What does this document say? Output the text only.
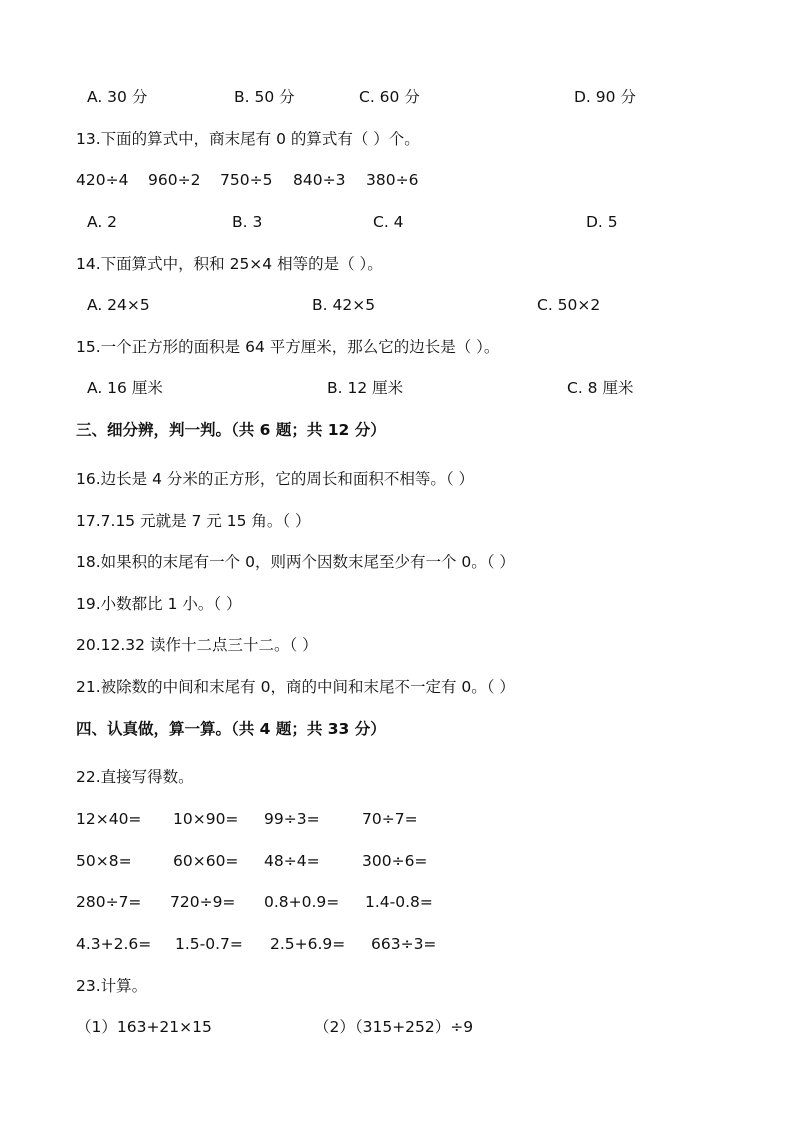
A. 30 分	B. 50 分	C. 60 分	D. 90 分
13.下面的算式中，商末尾有 0 的算式有（ ）个。
420÷4 960÷2 750÷5 840÷3 380÷6
A. 2	B. 3	C. 4	D. 5
14.下面算式中，积和 25×4 相等的是（ ）。
A. 24×5	B. 42×5	C. 50×2
15.一个正方形的面积是 64 平方厘米，那么它的边长是（ ）。
A. 16 厘米	B. 12 厘米	C. 8 厘米
三、细分辨，判一判。（共 6 题；共 12 分）
16.边长是 4 分米的正方形，它的周长和面积不相等。（ ）
17.7.15 元就是 7 元 15 角。（ ）
18.如果积的末尾有一个 0，则两个因数末尾至少有一个 0。（ ）
19.小数都比 1 小。（ ）
20.12.32 读作十二点三十二。（ ）
21.被除数的中间和末尾有 0，商的中间和末尾不一定有 0。（ ）
四、认真做，算一算。（共 4 题；共 33 分）
22.直接写得数。
12×40= 10×90= 99÷3=	70÷7=
50×8=	60×60= 48÷4=	300÷6=
280÷7= 720÷9= 0.8+0.9= 1.4-0.8=
4.3+2.6= 1.5-0.7= 2.5+6.9= 663÷3=
23.计算。
（1）163+21×15	（2）（315+252）÷9
